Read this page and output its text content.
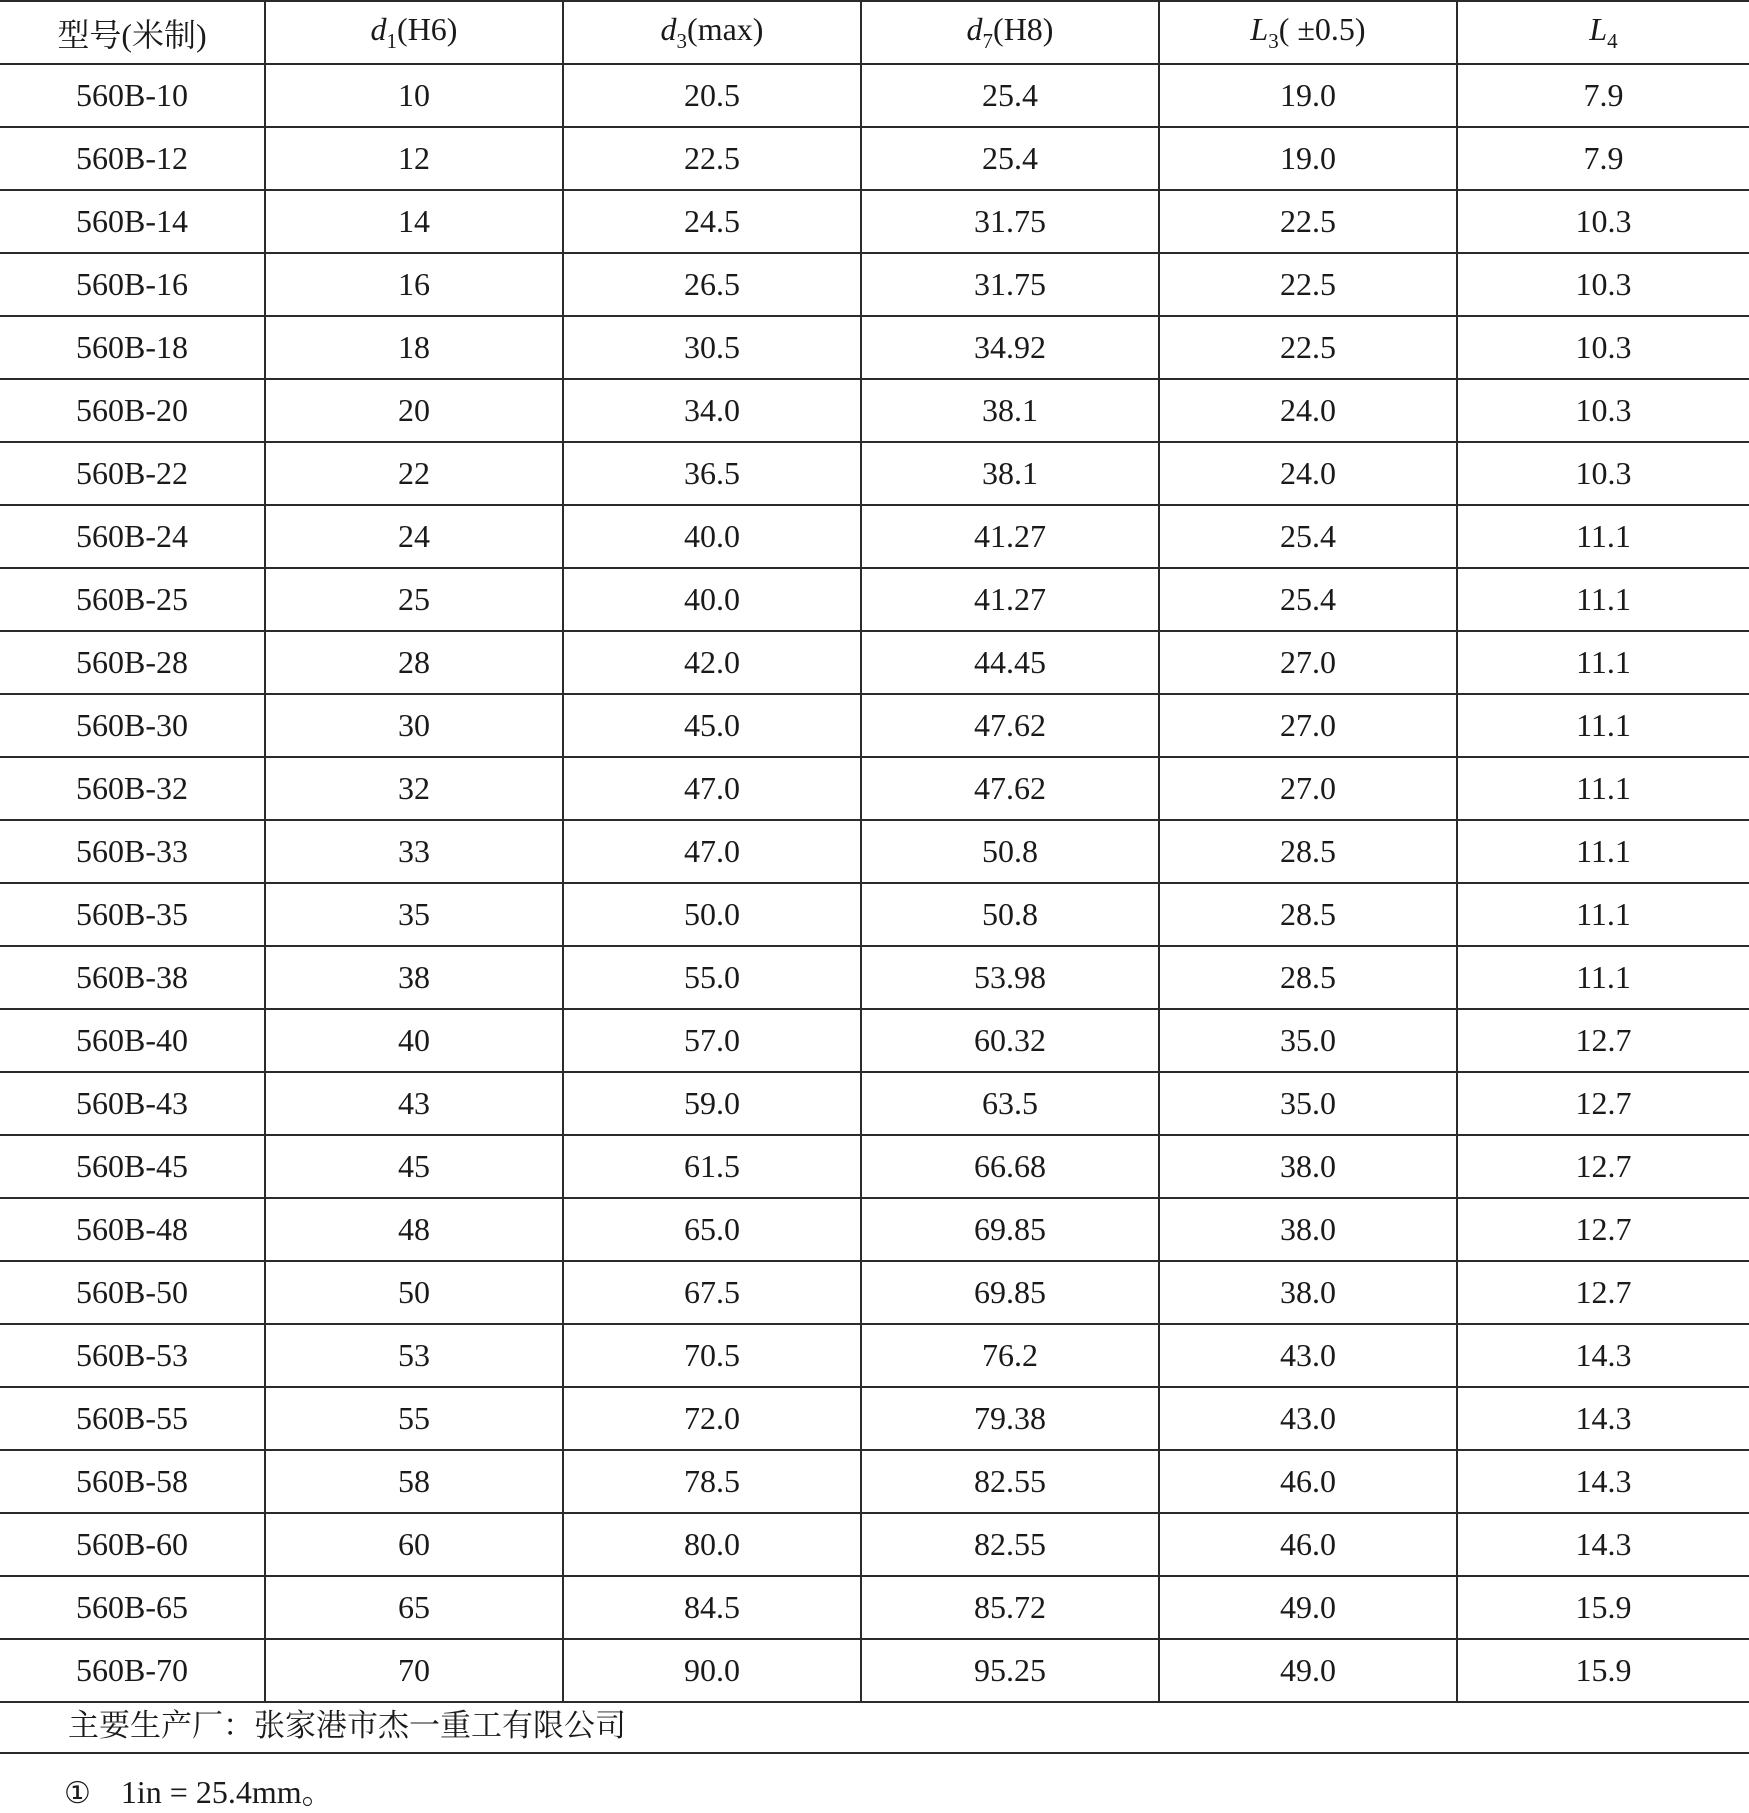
型号(米制)	$d_1(H6)$	$d_3(\max)$	$d_7(H8)$	$L_3( \pm 0.5)$	$L_4$
560B-10	10	20.5	25.4	19.0	7.9
560B-12	12	22.5	25.4	19.0	7.9
560B-14	14	24.5	31.75	22.5	10.3
560B-16	16	26.5	31.75	22.5	10.3
560B-18	18	30.5	34.92	22.5	10.3
560B-20	20	34.0	38.1	24.0	10.3
560B-22	22	36.5	38.1	24.0	10.3
560B-24	24	40.0	41.27	25.4	11.1
560B-25	25	40.0	41.27	25.4	11.1
560B-28	28	42.0	44.45	27.0	11.1
560B-30	30	45.0	47.62	27.0	11.1
560B-32	32	47.0	47.62	27.0	11.1
560B-33	33	47.0	50.8	28.5	11.1
560B-35	35	50.0	50.8	28.5	11.1
560B-38	38	55.0	53.98	28.5	11.1
560B-40	40	57.0	60.32	35.0	12.7
560B-43	43	59.0	63.5	35.0	12.7
560B-45	45	61.5	66.68	38.0	12.7
560B-48	48	65.0	69.85	38.0	12.7
560B-50	50	67.5	69.85	38.0	12.7
560B-53	53	70.5	76.2	43.0	14.3
560B-55	55	72.0	79.38	43.0	14.3
560B-58	58	78.5	82.55	46.0	14.3
560B-60	60	80.0	82.55	46.0	14.3
560B-65	65	84.5	85.72	49.0	15.9
560B-70	70	90.0	95.25	49.0	15.9
主要生产厂：张家港市杰一重工有限公司
① 1in = 25.4mm。
